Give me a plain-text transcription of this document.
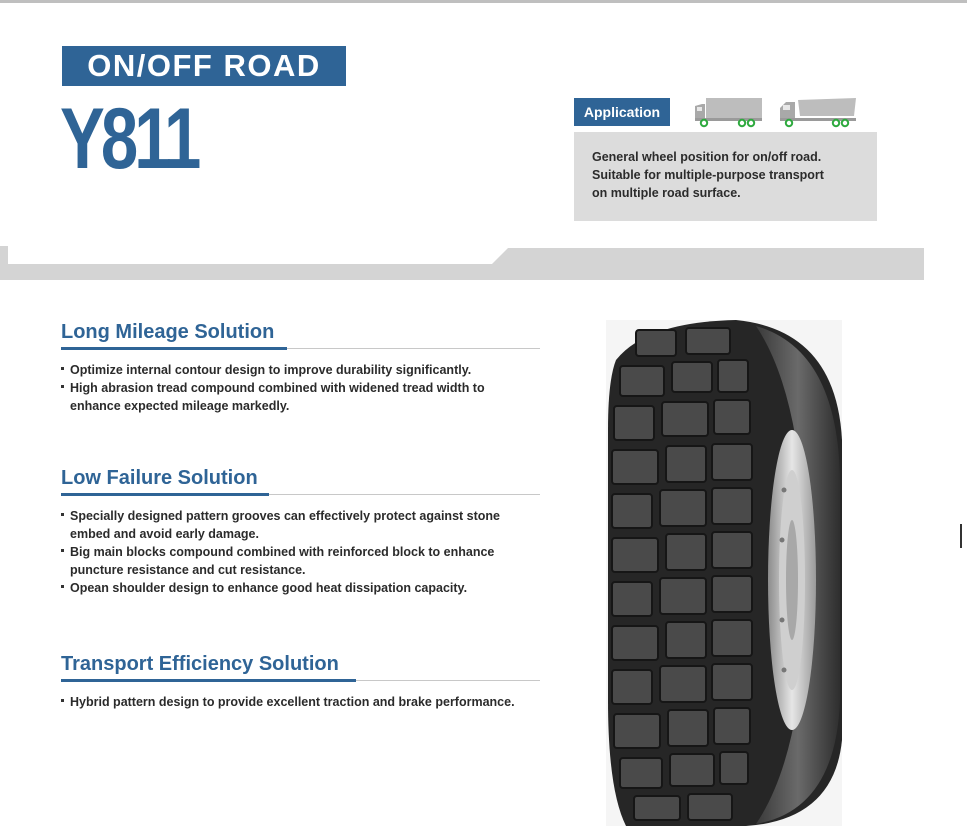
ON/OFF ROAD
Y811	Application
General wheel position for on/off road.
Suitable for multiple-purpose transport
on multiple road surface.
Long Mileage Solution
Optimize internal contour design to improve durability significantly.
High abrasion tread compound combined with widened tread width to
enhance expected mileage markedly.
Low Failure Solution
Specially designed pattern grooves can effectively protect against stone
embed and avoid early damage.
Big main blocks compound combined with reinforced block to enhance
puncture resistance and cut resistance.
Opean shoulder design to enhance good heat dissipation capacity.
Transport Efficiency Solution
Hybrid pattern design to provide excellent traction and brake performance.
